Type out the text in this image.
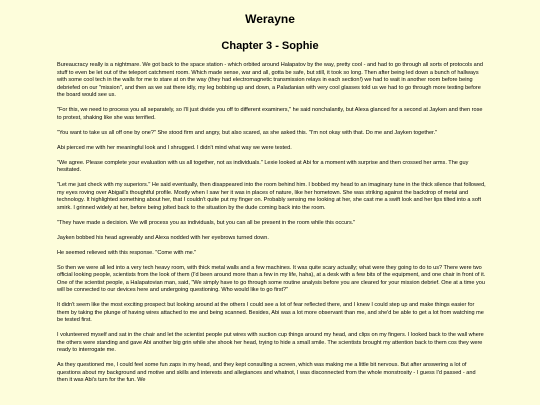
Werayne
Chapter 3 - Sophie

Bureaucracy really is a nightmare. We got back to the space station - which orbited around Halapatov by the way, pretty cool - and had to go through all sorts of protocols and stuff to even be let out of the teleport catchment room. Which made sense, war and all, gotta be safe, but still, it took so long. Then after being led down a bunch of hallways with some cool tech in the walls for me to stare at on the way (they had electromagnetic transmission relays in each section!) we had to wait in another room before being debriefed on our "mission", and then as we sat there idly, my leg bobbing up and down, a Paladanian with very cool glasses told us we had to go through more testing before the board would see us.

"For this, we need to process you all separately, so I'll just divide you off to different examiners," he said nonchalantly, but Alexa glanced for a second at Jayken and then rose to protest, shaking like she was terrified.

"You want to take us all off one by one?" She stood firm and angry, but also scared, as she asked this. "I'm not okay with that. Do me and Jayken together."

Abi pierced me with her meaningful look and I shrugged. I didn't mind what way we were tested.

"We agree. Please complete your evaluation with us all together, not as individuals." Lexie looked at Abi for a moment with surprise and then crossed her arms. The guy hesitated.

"Let me just check with my superiors." He said eventually, then disappeared into the room behind him. I bobbed my head to an imaginary tune in the thick silence that followed, my eyes roving over Abigail's thoughtful profile. Mostly when I saw her it was in places of nature, like her hometown. She was striking against the backdrop of metal and technology. It highlighted something about her, that I couldn't quite put my finger on. Probably sensing me looking at her, she cast me a swift look and her lips tilted into a soft smirk. I grinned widely at her, before being jolted back to the situation by the dude coming back into the room.

"They have made a decision. We will process you as individuals, but you can all be present in the room while this occurs."

Jayken bobbed his head agreeably and Alexa nodded with her eyebrows turned down.

He seemed relieved with this response. "Come with me."

So then we were all led into a very tech heavy room, with thick metal walls and a few machines. It was quite scary actually; what were they going to do to us? There were two official looking people, scientists from the look of them (I'd been around more than a few in my life, haha), at a desk with a few bits of the equipment, and one chair in front of it. One of the scientist people, a Halapatovian man, said, "We simply have to go through some routine analysis before you are cleared for your mission debrief. One at a time you will be connected to our devices here and undergoing questioning. Who would like to go first?"

It didn't seem like the most exciting prospect but looking around at the others I could see a lot of fear reflected there, and I knew I could step up and make things easier for them by taking the plunge of having wires attached to me and being scanned. Besides, Abi was a lot more observant than me, and she'd be able to get a lot from watching me be tested first.

I volunteered myself and sat in the chair and let the scientist people put wires with suction cup things around my head, and clips on my fingers. I looked back to the wall where the others were standing and gave Abi another big grin while she shook her head, trying to hide a small smile. The scientists brought my attention back to them cos they were ready to interrogate me.

As they questioned me, I could feel some fun zaps in my head, and they kept consulting a screen, which was making me a little bit nervous. But after answering a lot of questions about my background and motive and skills and interests and allegiances and whatnot, I was disconnected from the whole monstrosity - I guess I'd passed - and then it was Abi's turn for the fun. We
